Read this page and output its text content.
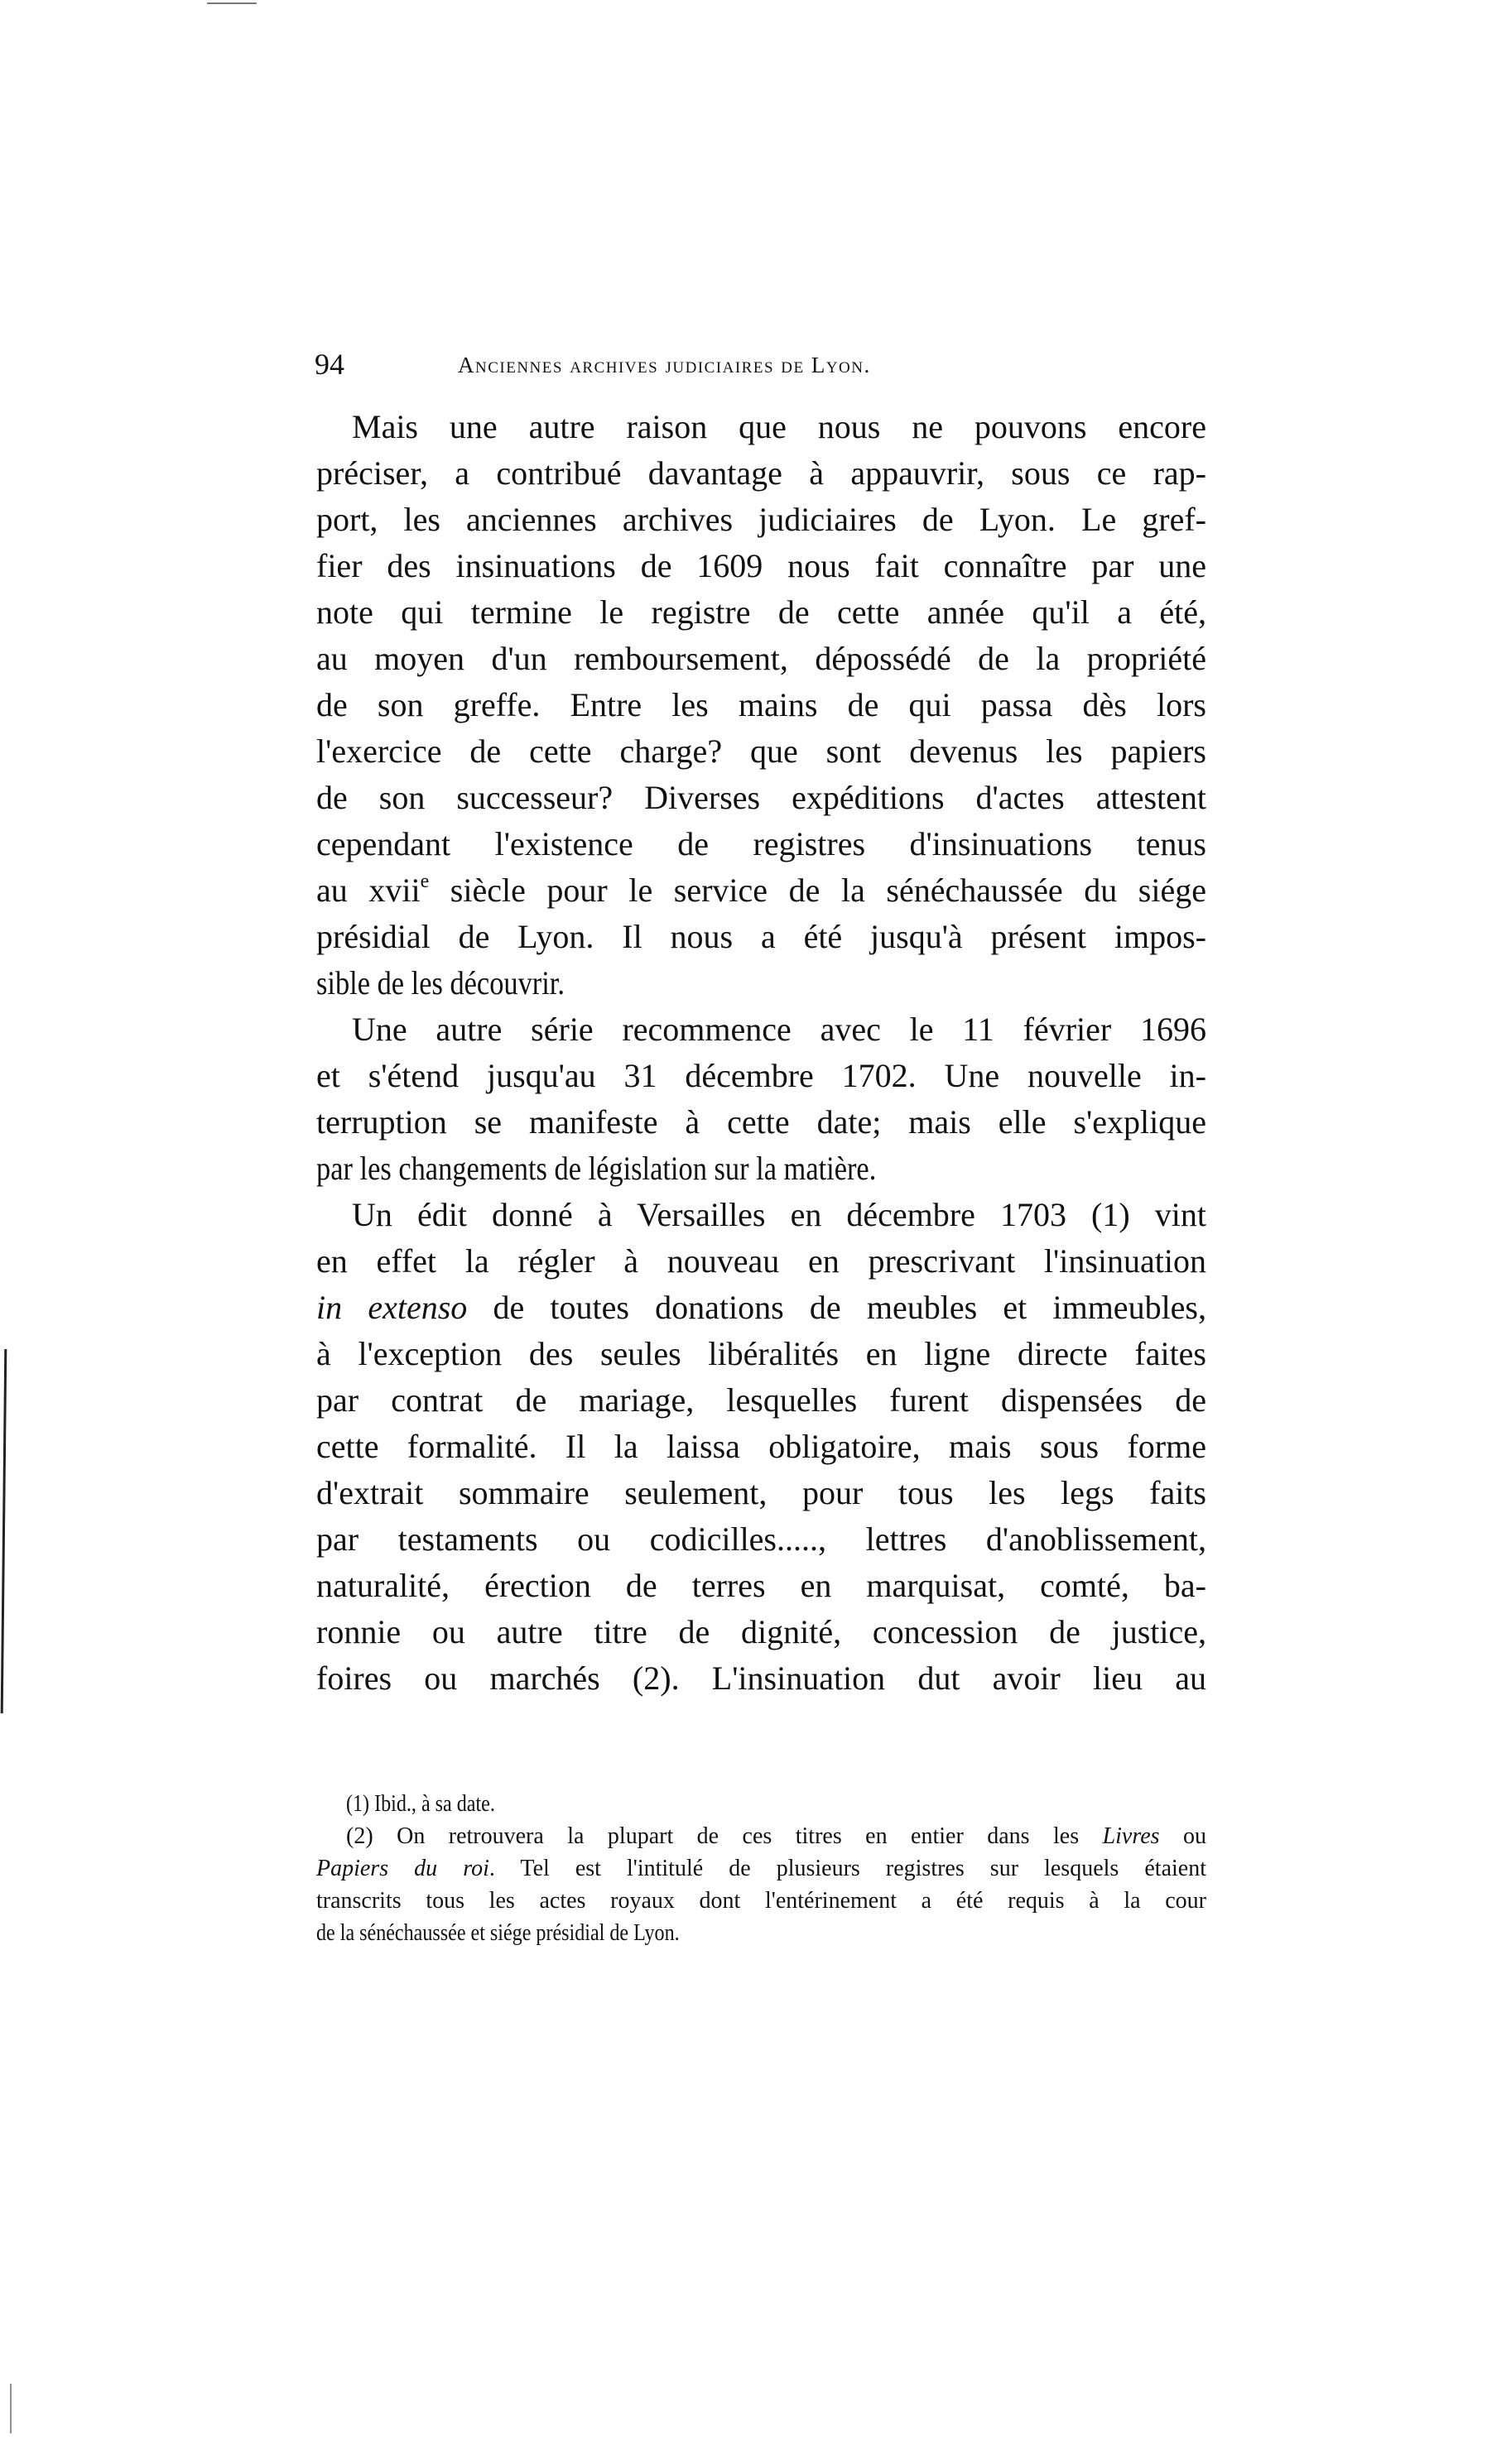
94	Anciennes archives judiciaires de Lyon.
Mais une autre raison que nous ne pouvons encore
préciser, a contribué davantage à appauvrir, sous ce rap-
port, les anciennes archives judiciaires de Lyon. Le gref-
fier des insinuations de 1609 nous fait connaître par une
note qui termine le registre de cette année qu'il a été,
au moyen d'un remboursement, dépossédé de la propriété
de son greffe. Entre les mains de qui passa dès lors
l'exercice de cette charge? que sont devenus les papiers
de son successeur? Diverses expéditions d'actes attestent
cependant l'existence de registres d'insinuations tenus
au xvii$^e$ siècle pour le service de la sénéchaussée du siége
présidial de Lyon. Il nous a été jusqu'à présent impos-
sible de les découvrir.
Une autre série recommence avec le 11 février 1696
et s'étend jusqu'au 31 décembre 1702. Une nouvelle in-
terruption se manifeste à cette date; mais elle s'explique
par les changements de législation sur la matière.
Un édit donné à Versailles en décembre 1703 (1) vint
en effet la régler à nouveau en prescrivant l'insinuation
in extenso de toutes donations de meubles et immeubles,
à l'exception des seules libéralités en ligne directe faites
par contrat de mariage, lesquelles furent dispensées de
cette formalité. Il la laissa obligatoire, mais sous forme
d'extrait sommaire seulement, pour tous les legs faits
par testaments ou codicilles....., lettres d'anoblissement,
naturalité, érection de terres en marquisat, comté, ba-
ronnie ou autre titre de dignité, concession de justice,
foires ou marchés (2). L'insinuation dut avoir lieu au
(1) Ibid., à sa date.
(2) On retrouvera la plupart de ces titres en entier dans les Livres ou
Papiers du roi. Tel est l'intitulé de plusieurs registres sur lesquels étaient
transcrits tous les actes royaux dont l'entérinement a été requis à la cour
de la sénéchaussée et siége présidial de Lyon.
